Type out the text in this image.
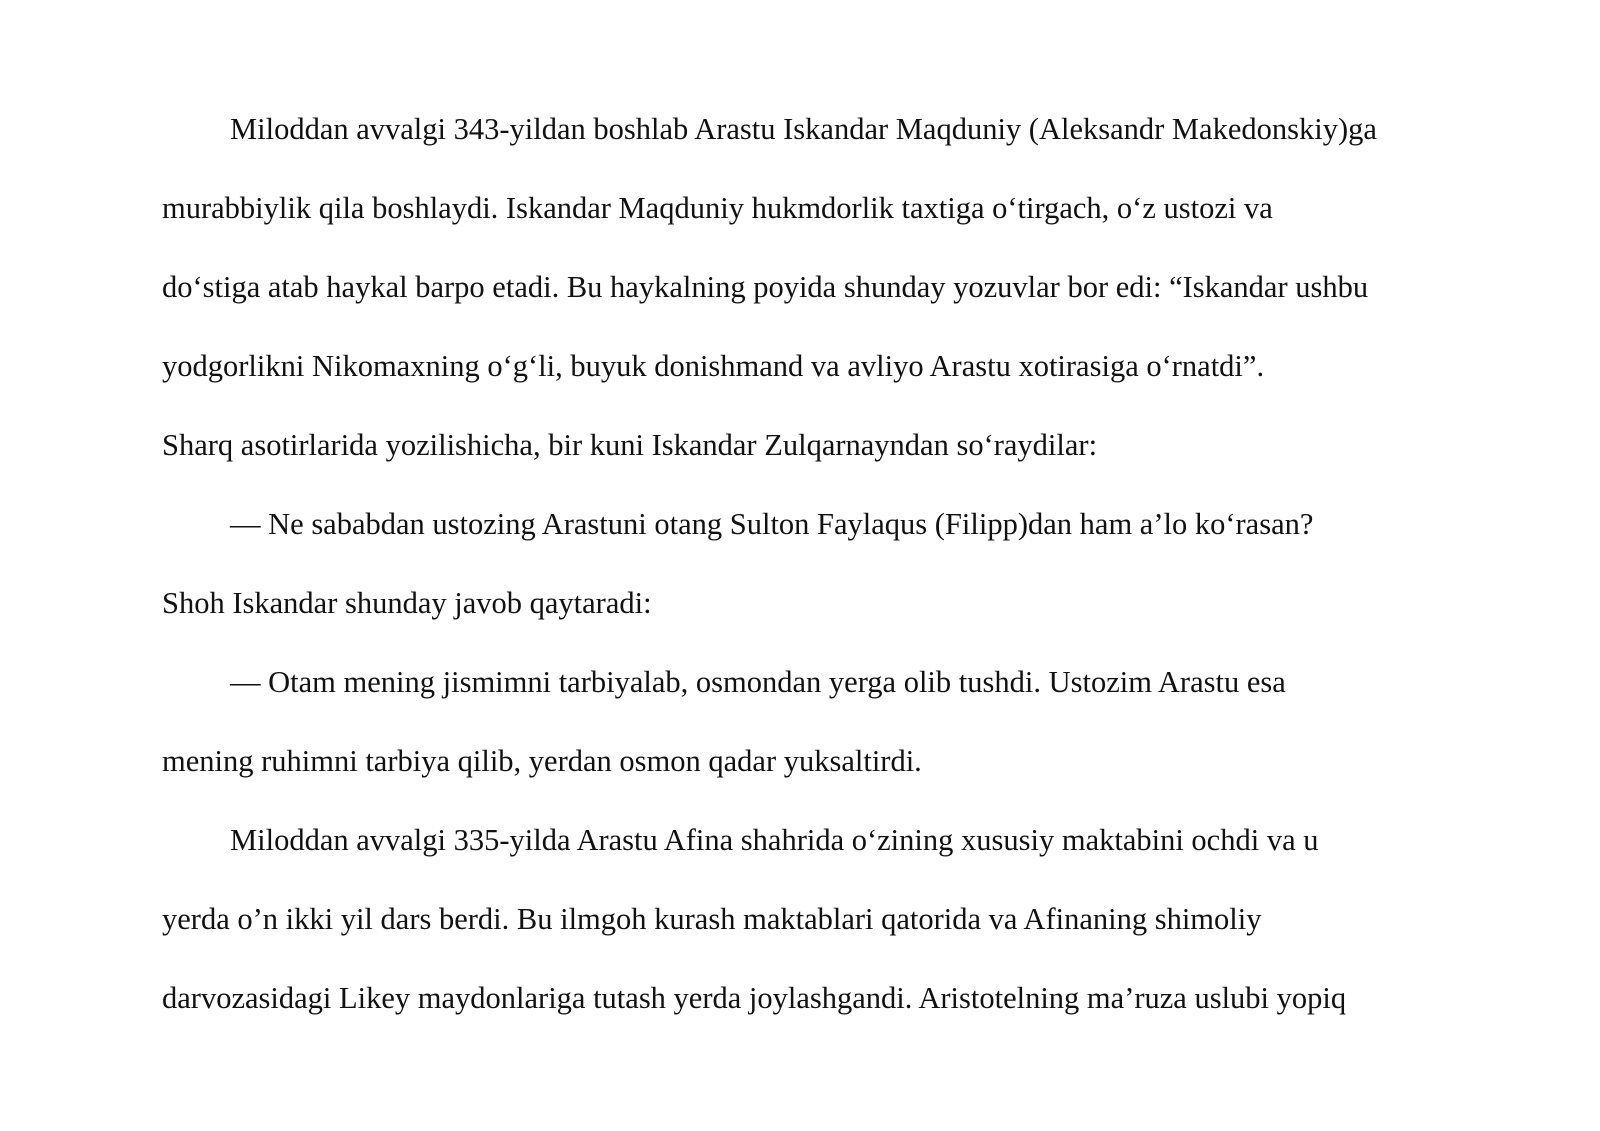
Miloddan avvalgi 343-yildan boshlab Arastu Iskandar Maqduniy (Aleksandr Makedonskiy)ga
murabbiylik qila boshlaydi. Iskandar Maqduniy hukmdorlik taxtiga o‘tirgach, o‘z ustozi va
do‘stiga atab haykal barpo etadi. Bu haykalning poyida shunday yozuvlar bor edi: “Iskandar ushbu
yodgorlikni Nikomaxning o‘g‘li, buyuk donishmand va avliyo Arastu xotirasiga o‘rnatdi”.
Sharq asotirlarida yozilishicha, bir kuni Iskandar Zulqarnayndan so‘raydilar:
— Ne sababdan ustozing Arastuni otang Sulton Faylaqus (Filipp)dan ham a’lo ko‘rasan?
Shoh Iskandar shunday javob qaytaradi:
— Otam mening jismimni tarbiyalab, osmondan yerga olib tushdi. Ustozim Arastu esa
mening ruhimni tarbiya qilib, yerdan osmon qadar yuksaltirdi.
Miloddan avvalgi 335-yilda Arastu Afina shahrida o‘zining xususiy maktabini ochdi va u
yerda o’n ikki yil dars berdi. Bu ilmgoh kurash maktablari qatorida va Afinaning shimoliy
darvozasidagi Likey maydonlariga tutash yerda joylashgandi. Aristotelning ma’ruza uslubi yopiq
